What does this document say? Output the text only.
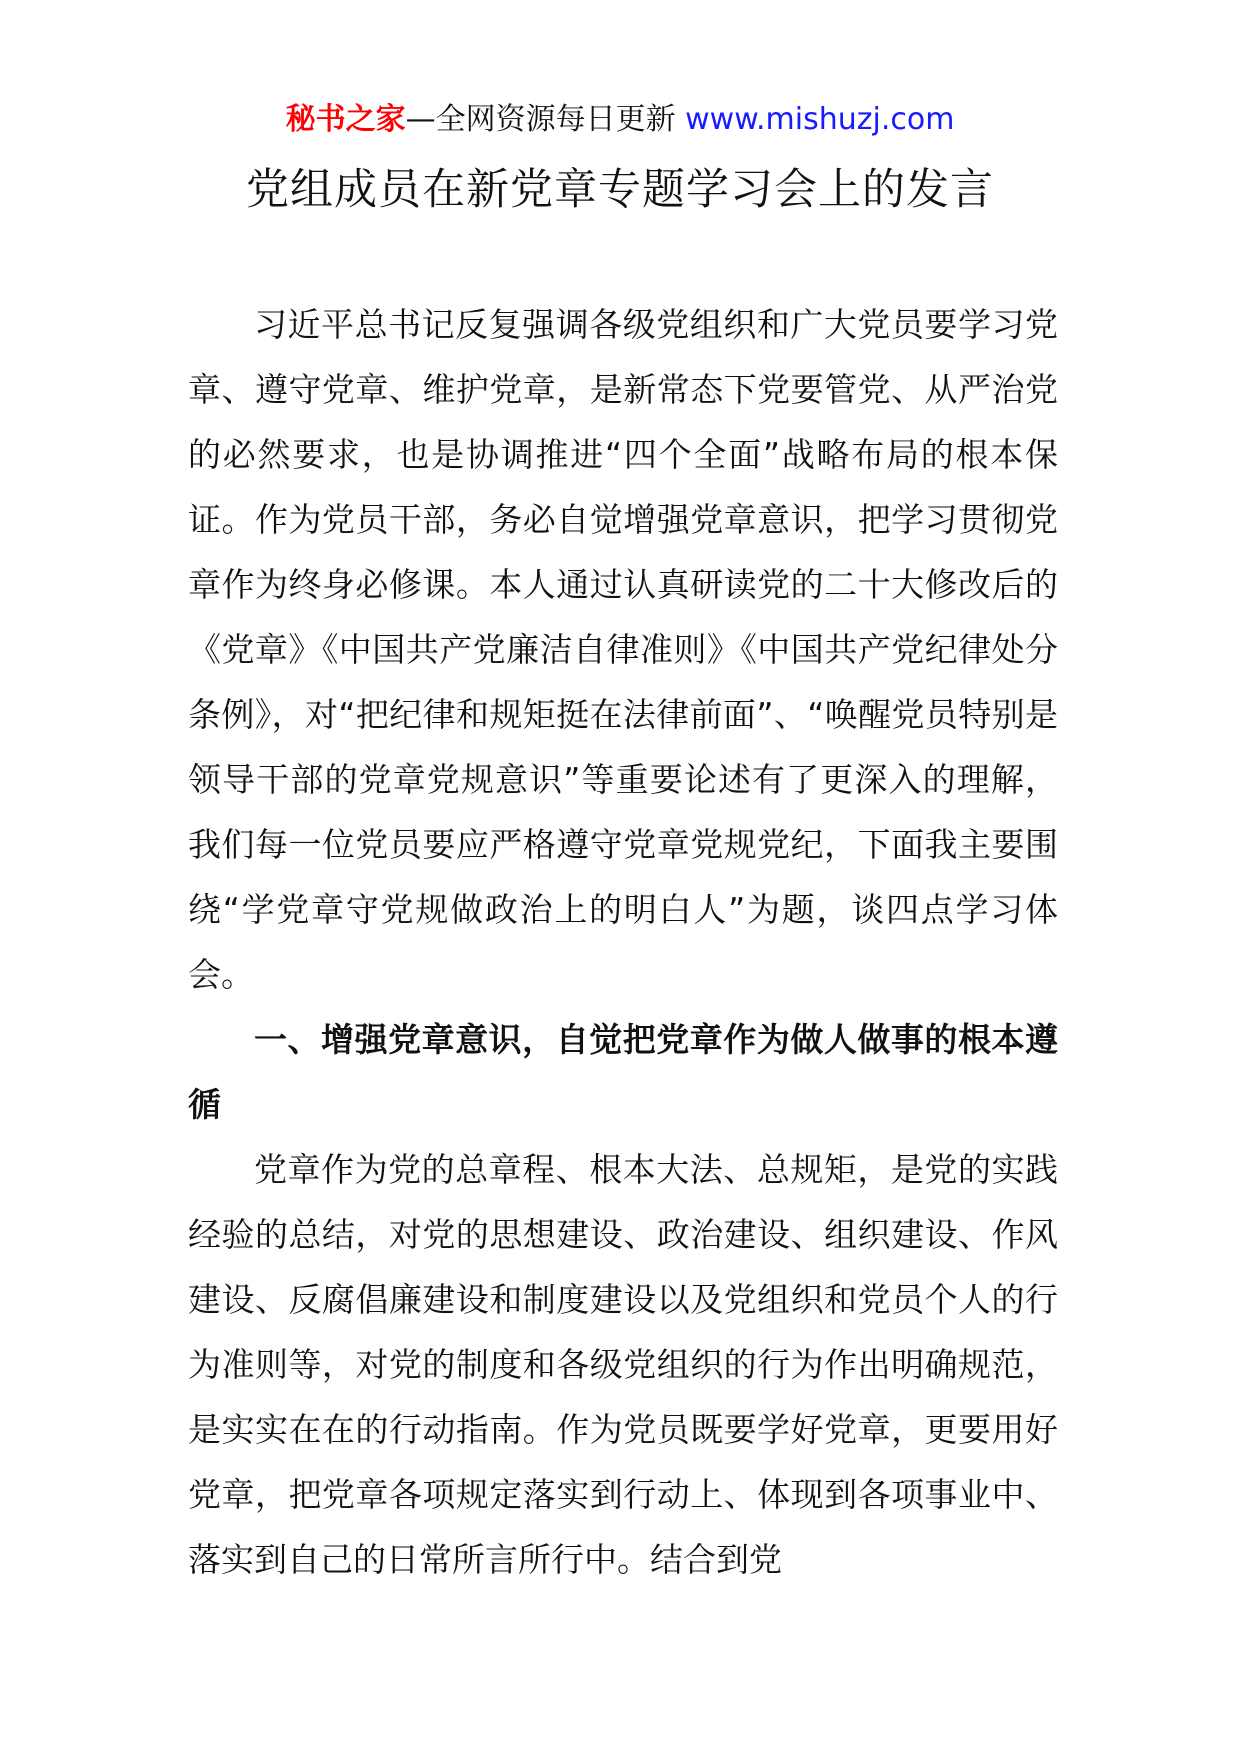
秘书之家—全网资源每日更新 www.mishuzj.com
党组成员在新党章专题学习会上的发言

习近平总书记反复强调各级党组织和广大党员要学习党章、遵守党章、维护党章，是新常态下党要管党、从严治党的必然要求，也是协调推进“四个全面”战略布局的根本保证。作为党员干部，务必自觉增强党章意识，把学习贯彻党章作为终身必修课。本人通过认真研读党的二十大修改后的《党章》《中国共产党廉洁自律准则》《中国共产党纪律处分条例》，对“把纪律和规矩挺在法律前面”、“唤醒党员特别是领导干部的党章党规意识”等重要论述有了更深入的理解，我们每一位党员要应严格遵守党章党规党纪，下面我主要围绕“学党章守党规做政治上的明白人”为题，谈四点学习体会。

一、增强党章意识，自觉把党章作为做人做事的根本遵循

党章作为党的总章程、根本大法、总规矩，是党的实践经验的总结，对党的思想建设、政治建设、组织建设、作风建设、反腐倡廉建设和制度建设以及党组织和党员个人的行为准则等，对党的制度和各级党组织的行为作出明确规范，是实实在在的行动指南。作为党员既要学好党章，更要用好党章，把党章各项规定落实到行动上、体现到各项事业中、落实到自己的日常所言所行中。结合到党
